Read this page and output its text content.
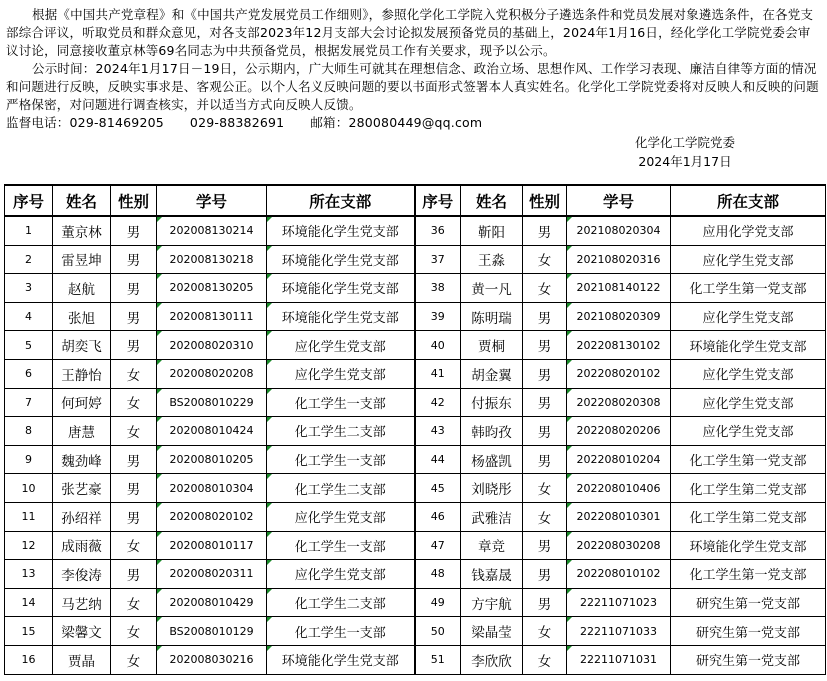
根据《中国共产党章程》和《中国共产党发展党员工作细则》，参照化学化工学院入党积极分子遴选条件和党员发展对象遴选条件，在各党支部综合评议，听取党员和群众意见，对各支部2023年12月支部大会讨论拟发展预备党员的基础上，2024年1月16日，经化学化工学院党委会审议讨论，同意接收董京林等69名同志为中共预备党员，根据发展党员工作有关要求，现予以公示。

公示时间：2024年1月17日－19日，公示期内，广大师生可就其在理想信念、政治立场、思想作风、工作学习表现、廉洁自律等方面的情况和问题进行反映，反映实事求是、客观公正。以个人名义反映问题的要以书面形式签署本人真实姓名。化学化工学院党委将对反映人和反映的问题严格保密，对问题进行调查核实，并以适当方式向反映人反馈。

监督电话：029-81469205 029-88382691 邮箱：280080449@qq.com

化学化工学院党委
2024年1月17日
序号	姓名	性别	学号	所在支部	序号	姓名	性别	学号	所在支部
1	董京林	男	202008130214	环境能化学生党支部	36	靳阳	男	202108020304	应用化学党支部
2	雷昱坤	男	202008130218	环境能化学生党支部	37	王淼	女	202108020316	应化学生党支部
3	赵航	男	202008130205	环境能化学生党支部	38	黄一凡	女	202108140122	化工学生第一党支部
4	张旭	男	202008130111	环境能化学生党支部	39	陈明瑞	男	202108020309	应化学生党支部
5	胡奕飞	男	202008020310	应化学生党支部	40	贾桐	男	202208130102	环境能化学生党支部
6	王静怡	女	202008020208	应化学生党支部	41	胡金翼	男	202208020102	应化学生党支部
7	何珂婷	女	BS2008010229	化工学生一支部	42	付振东	男	202208020308	应化学生党支部
8	唐慧	女	202008010424	化工学生二支部	43	韩昀孜	男	202208020206	应化学生党支部
9	魏劲峰	男	202008010205	化工学生一支部	44	杨盛凯	男	202208010204	化工学生第一党支部
10	张艺豪	男	202008010304	化工学生二支部	45	刘晓彤	女	202208010406	化工学生第二党支部
11	孙绍祥	男	202008020102	应化学生党支部	46	武雅洁	女	202208010301	化工学生第二党支部
12	成雨薇	女	202008010117	化工学生一支部	47	章竞	男	202208030208	环境能化学生党支部
13	李俊涛	男	202008020311	应化学生党支部	48	钱嘉晟	男	202208010102	化工学生第一党支部
14	马艺纳	女	202008010429	化工学生二支部	49	方宇航	男	22211071023	研究生第一党支部
15	梁馨文	女	BS2008010129	化工学生一支部	50	梁晶莹	女	22211071033	研究生第一党支部
16	贾晶	女	202008030216	环境能化学生党支部	51	李欣欣	女	22211071031	研究生第一党支部
